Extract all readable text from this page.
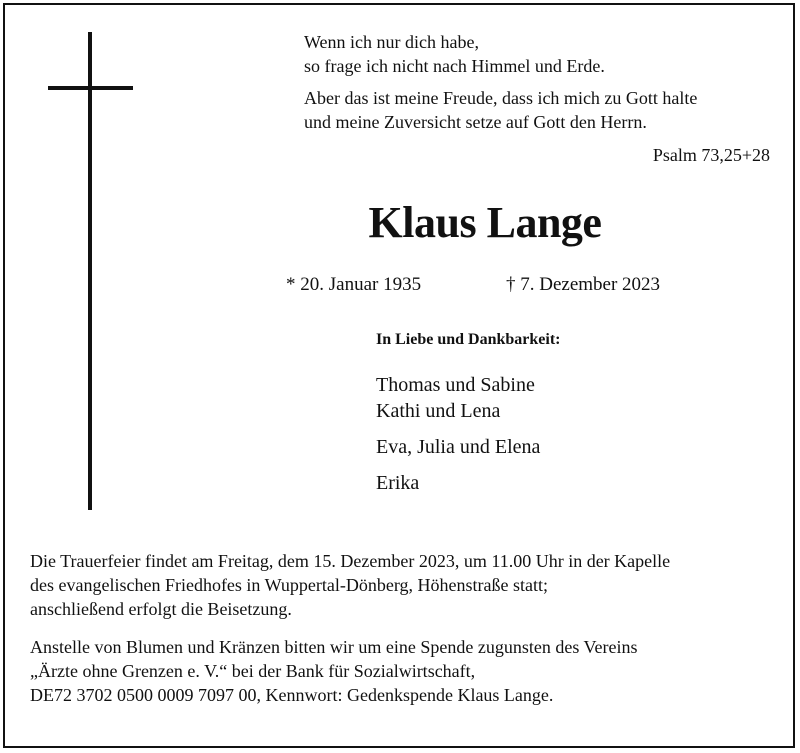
Wenn ich nur dich habe,
so frage ich nicht nach Himmel und Erde.

Aber das ist meine Freude, dass ich mich zu Gott halte
und meine Zuversicht setze auf Gott den Herrn.

Psalm 73,25+28
Klaus Lange
* 20. Januar 1935	† 7. Dezember 2023
In Liebe und Dankbarkeit:
Thomas und Sabine
Kathi und Lena
Eva, Julia und Elena
Erika

Die Trauerfeier findet am Freitag, dem 15. Dezember 2023, um 11.00 Uhr in der Kapelle
des evangelischen Friedhofes in Wuppertal-Dönberg, Höhenstraße statt;
anschließend erfolgt die Beisetzung.

Anstelle von Blumen und Kränzen bitten wir um eine Spende zugunsten des Vereins
„Ärzte ohne Grenzen e. V.“ bei der Bank für Sozialwirtschaft,
DE72 3702 0500 0009 7097 00, Kennwort: Gedenkspende Klaus Lange.
